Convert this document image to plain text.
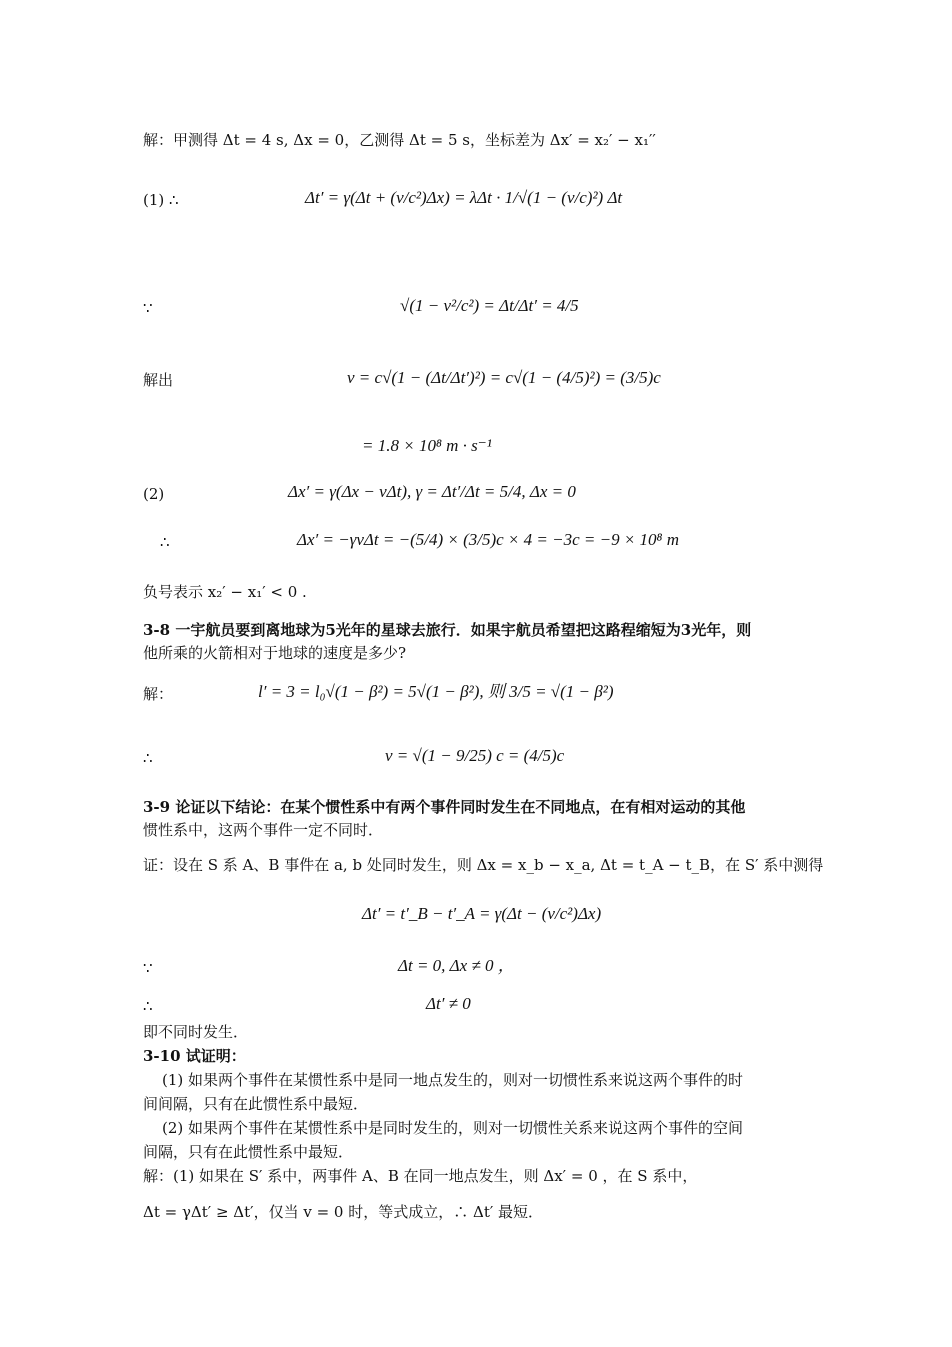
解：甲测得 Δt = 4 s, Δx = 0，乙测得 Δt = 5 s，坐标差为 Δx′ = x₂′ − x₁′′
(1) ∴	Δt′ = γ(Δt + (v/c²)Δx) = λΔt · 1/√(1 − (v/c)²) Δt
∵	√(1 − v²/c²) = Δt/Δt′ = 4/5
解出	v = c√(1 − (Δt/Δt′)²) = c√(1 − (4/5)²) = (3/5)c
= 1.8 × 10⁸ m · s⁻¹
(2)	Δx′ = γ(Δx − vΔt), γ = Δt′/Δt = 5/4, Δx = 0
∴	Δx′ = −γvΔt = −(5/4) × (3/5)c × 4 = −3c = −9 × 10⁸ m
负号表示 x₂′ − x₁′ < 0 .
3-8 一宇航员要到离地球为5光年的星球去旅行．如果宇航员希望把这路程缩短为3光年，则
他所乘的火箭相对于地球的速度是多少?
解：	l′ = 3 = l₀√(1 − β²) = 5√(1 − β²), 则 3/5 = √(1 − β²)
∴	v = √(1 − 9/25) c = (4/5)c
3-9 论证以下结论：在某个惯性系中有两个事件同时发生在不同地点，在有相对运动的其他
惯性系中，这两个事件一定不同时．
证：设在 S 系 A、B 事件在 a, b 处同时发生，则 Δx = x_b − x_a, Δt = t_A − t_B，在 S′ 系中测得
Δt′ = t′_B − t′_A = γ(Δt − (v/c²)Δx)
∵	Δt = 0, Δx ≠ 0 ，
∴	Δt′ ≠ 0
即不同时发生．
3-10 试证明：
(1) 如果两个事件在某惯性系中是同一地点发生的，则对一切惯性系来说这两个事件的时
间间隔，只有在此惯性系中最短．
(2) 如果两个事件在某惯性系中是同时发生的，则对一切惯性关系来说这两个事件的空间
间隔，只有在此惯性系中最短．
解：(1) 如果在 S′ 系中，两事件 A、B 在同一地点发生，则 Δx′ = 0 ，在 S 系中，
Δt = γΔt′ ≥ Δt′，仅当 v = 0 时，等式成立，∴ Δt′ 最短．
